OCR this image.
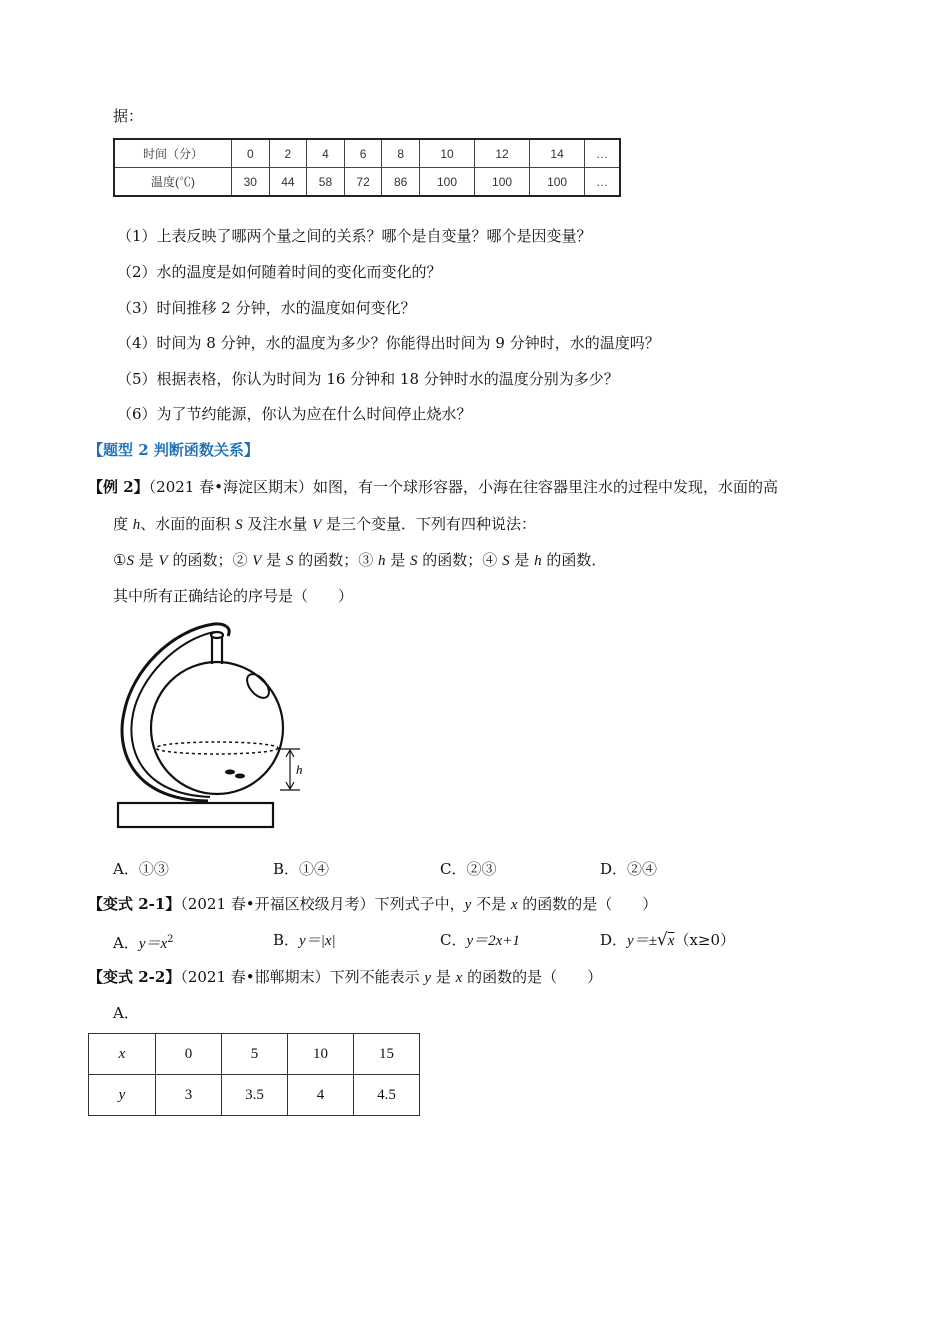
据：
时间（分）	0	2	4	6	8	10	12	14	…
温度(℃)	30	44	58	72	86	100	100	100	…
（1）上表反映了哪两个量之间的关系？哪个是自变量？哪个是因变量？
（2）水的温度是如何随着时间的变化而变化的？
（3）时间推移 2 分钟，水的温度如何变化？
（4）时间为 8 分钟，水的温度为多少？你能得出时间为 9 分钟时，水的温度吗？
（5）根据表格，你认为时间为 16 分钟和 18 分钟时水的温度分别为多少？
（6）为了节约能源，你认为应在什么时间停止烧水？
【题型 2 判断函数关系】
【例 2】（2021 春•海淀区期末）如图，有一个球形容器，小海在往容器里注水的过程中发现，水面的高
度 h、水面的面积 S 及注水量 V 是三个变量．下列有四种说法：
①S 是 V 的函数；② V 是 S 的函数；③ h 是 S 的函数；④ S 是 h 的函数．
其中所有正确结论的序号是（　　）
h
A．①③	B．①④	C．②③	D．②④
【变式 2-1】（2021 春•开福区校级月考）下列式子中，y 不是 x 的函数的是（　　）
A．$y=x^2$	B．y＝|x|	C．y＝2x+1	D．y＝±√x（x≥0）
【变式 2-2】（2021 春•邯郸期末）下列不能表示 y 是 x 的函数的是（　　）
A．
x	0	5	10	15
y	3	3.5	4	4.5
